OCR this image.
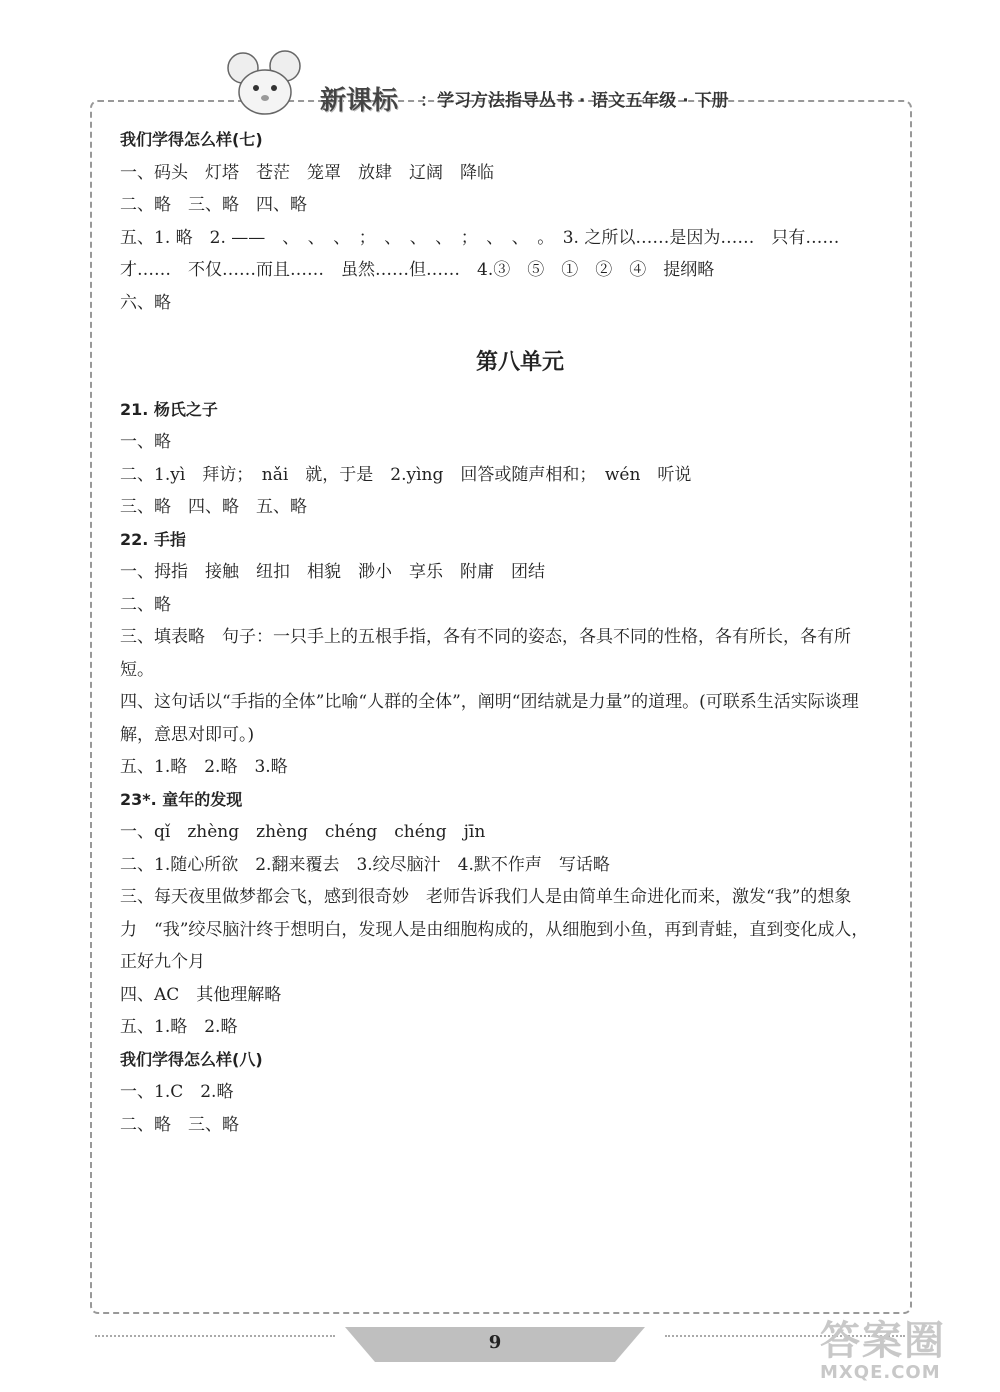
新课标 ：学习方法指导丛书 · 语文五年级 · 下册
我们学得怎么样(七)
一、码头　灯塔　苍茫　笼罩　放肆　辽阔　降临
二、略　三、略　四、略
五、1. 略　2. ——　、　、　、　；　、　、　、　；　、　、　。　3. 之所以……是因为……　只有……才……　不仅……而且……　虽然……但……　4.③　⑤　①　②　④　提纲略
六、略
第八单元
21. 杨氏之子
一、略
二、1.yì　拜访；　nǎi　就，于是　2.yìng　回答或随声相和；　wén　听说
三、略　四、略　五、略
22. 手指
一、拇指　接触　纽扣　相貌　渺小　享乐　附庸　团结
二、略
三、填表略　句子：一只手上的五根手指，各有不同的姿态，各具不同的性格，各有所长，各有所短。
四、这句话以“手指的全体”比喻“人群的全体”，阐明“团结就是力量”的道理。(可联系生活实际谈理解，意思对即可。)
五、1.略　2.略　3.略
23*. 童年的发现
一、qǐ　zhèng　zhèng　chéng　chéng　jīn
二、1.随心所欲　2.翻来覆去　3.绞尽脑汁　4.默不作声　写话略
三、每天夜里做梦都会飞，感到很奇妙　老师告诉我们人是由简单生命进化而来，激发“我”的想象力　“我”绞尽脑汁终于想明白，发现人是由细胞构成的，从细胞到小鱼，再到青蛙，直到变化成人，正好九个月
四、AC　其他理解略
五、1.略　2.略
我们学得怎么样(八)
一、1.C　2.略
二、略　三、略
9	答案圈
MXQE.COM
